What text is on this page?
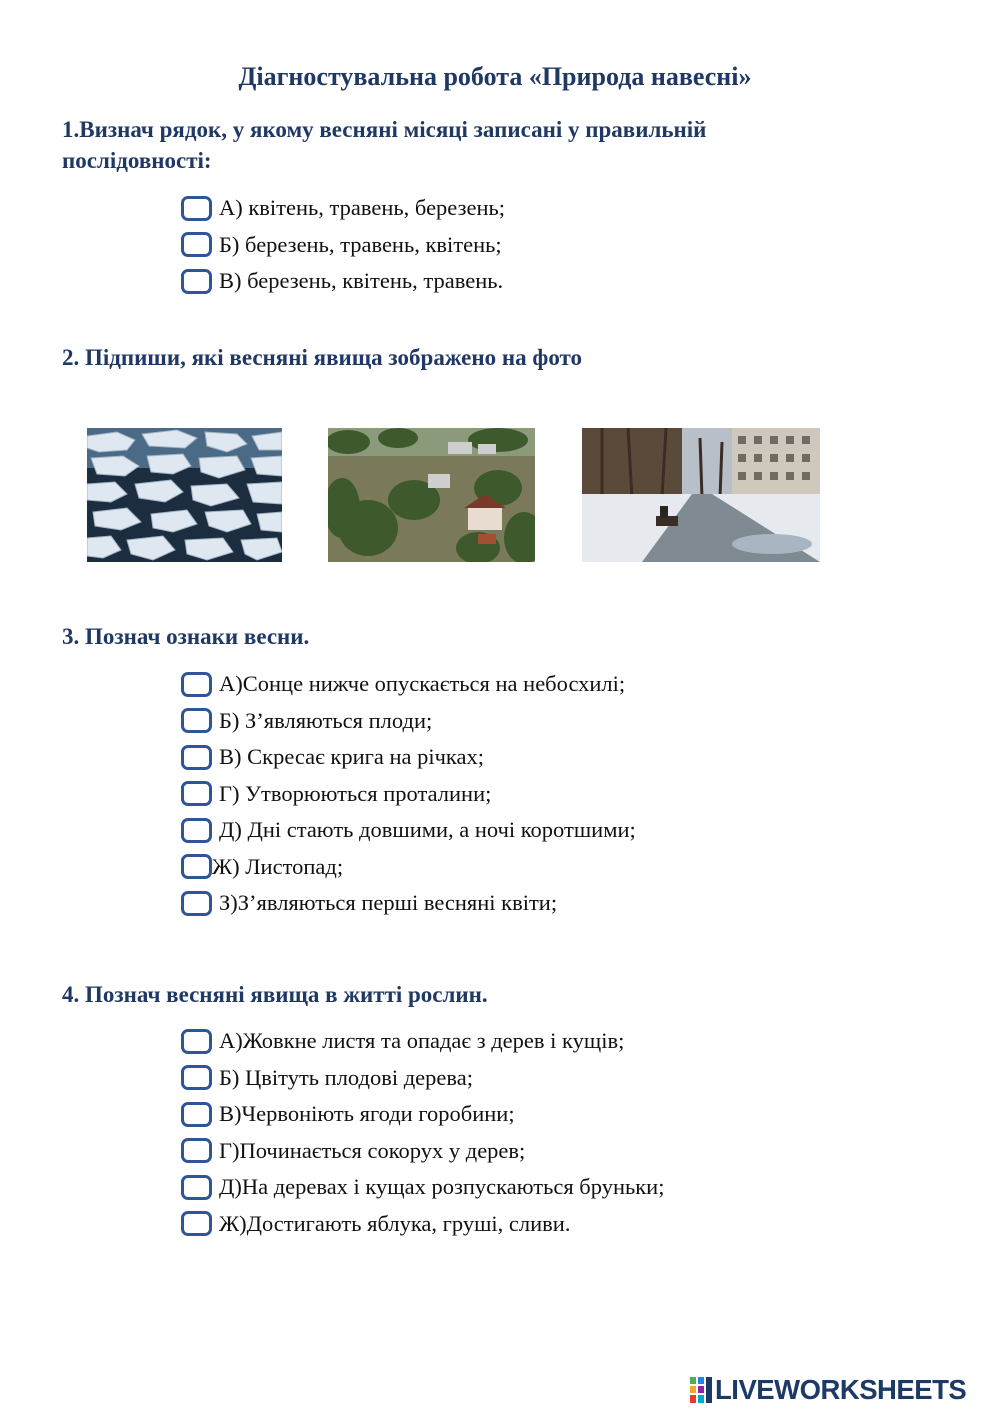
Діагностувальна робота «Природа навесні»
1.Визнач рядок, у якому весняні місяці записані у правильній
послідовності:
А) квітень, травень, березень;
Б) березень, травень, квітень;
В) березень, квітень, травень.
2. Підпиши, які весняні явища зображено на фото
3. Познач ознаки весни.
А)Сонце нижче опускається на небосхилі;
Б) З’являються плоди;
В) Скресає крига на річках;
Г) Утворюються проталини;
Д) Дні стають довшими, а ночі коротшими;
Ж) Листопад;
З)З’являються перші весняні квіти;
4. Познач весняні явища в житті рослин.
А)Жовкне листя та опадає з дерев і кущів;
Б) Цвітуть плодові дерева;
В)Червоніють ягоди горобини;
Г)Починається сокорух у дерев;
Д)На деревах і кущах розпускаються бруньки;
Ж)Достигають яблука, груші, сливи.
LIVEWORKSHEETS
